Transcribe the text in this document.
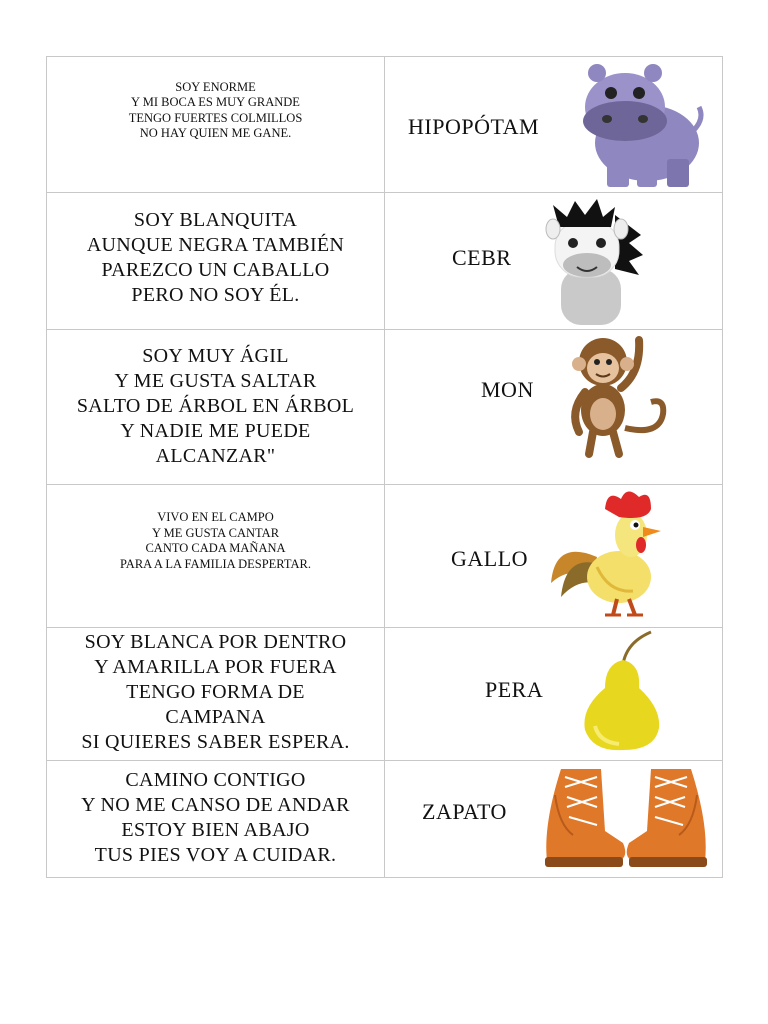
SOY ENORME
Y MI BOCA ES MUY GRANDE
TENGO FUERTES COLMILLOS
NO HAY QUIEN ME GANE.	HIPOPÓTAM

SOY BLANQUITA
AUNQUE NEGRA TAMBIÉN
PAREZCO UN CABALLO
PERO NO SOY ÉL.	CEBR

SOY MUY ÁGIL
Y ME GUSTA SALTAR
SALTO DE ÁRBOL EN ÁRBOL
Y NADIE ME PUEDE
ALCANZAR"	MON

VIVO EN EL CAMPO
Y ME GUSTA CANTAR
CANTO CADA MAÑANA
PARA A LA FAMILIA DESPERTAR.	GALLO

SOY BLANCA POR DENTRO
Y AMARILLA POR FUERA
TENGO FORMA DE
CAMPANA
SI QUIERES SABER ESPERA.	PERA

CAMINO CONTIGO
Y NO ME CANSO DE ANDAR
ESTOY BIEN ABAJO
TUS PIES VOY A CUIDAR.	ZAPATO
